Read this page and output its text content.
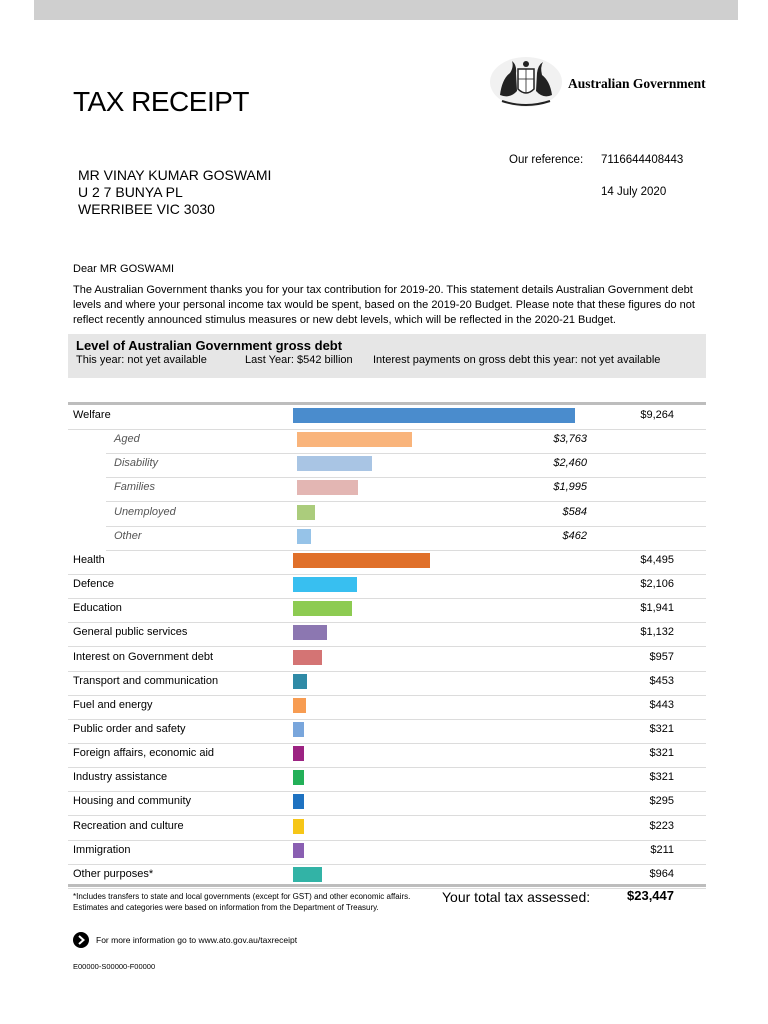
Australian Government
TAX RECEIPT
Our reference: 7116644408443
14 July 2020
MR VINAY KUMAR GOSWAMI
U 2 7 BUNYA PL
WERRIBEE VIC 3030
Dear MR GOSWAMI
The Australian Government thanks you for your tax contribution for 2019-20. This statement details Australian Government debt levels and where your personal income tax would be spent, based on the 2019-20 Budget. Please note that these figures do not reflect recently announced stimulus measures or new debt levels, which will be reflected in the 2020-21 Budget.
Level of Australian Government gross debt
This year: not yet available	Last Year: $542 billion Interest payments on gross debt this year: not yet available
Welfare	$9,264
Aged	$3,763
Disability	$2,460
Families	$1,995
Unemployed	$584
Other	$462
Health	$4,495
Defence	$2,106
Education	$1,941
General public services	$1,132
Interest on Government debt	$957
Transport and communication	$453
Fuel and energy	$443
Public order and safety	$321
Foreign affairs, economic aid	$321
Industry assistance	$321
Housing and community	$295
Recreation and culture	$223
Immigration	$211
Other purposes*	$964
*Includes transfers to state and local governments (except for GST) and other economic affairs. Estimates and categories were based on information from the Department of Treasury.
Your total tax assessed:	$23,447
For more information go to www.ato.gov.au/taxreceipt
E00000-S00000-F00000
